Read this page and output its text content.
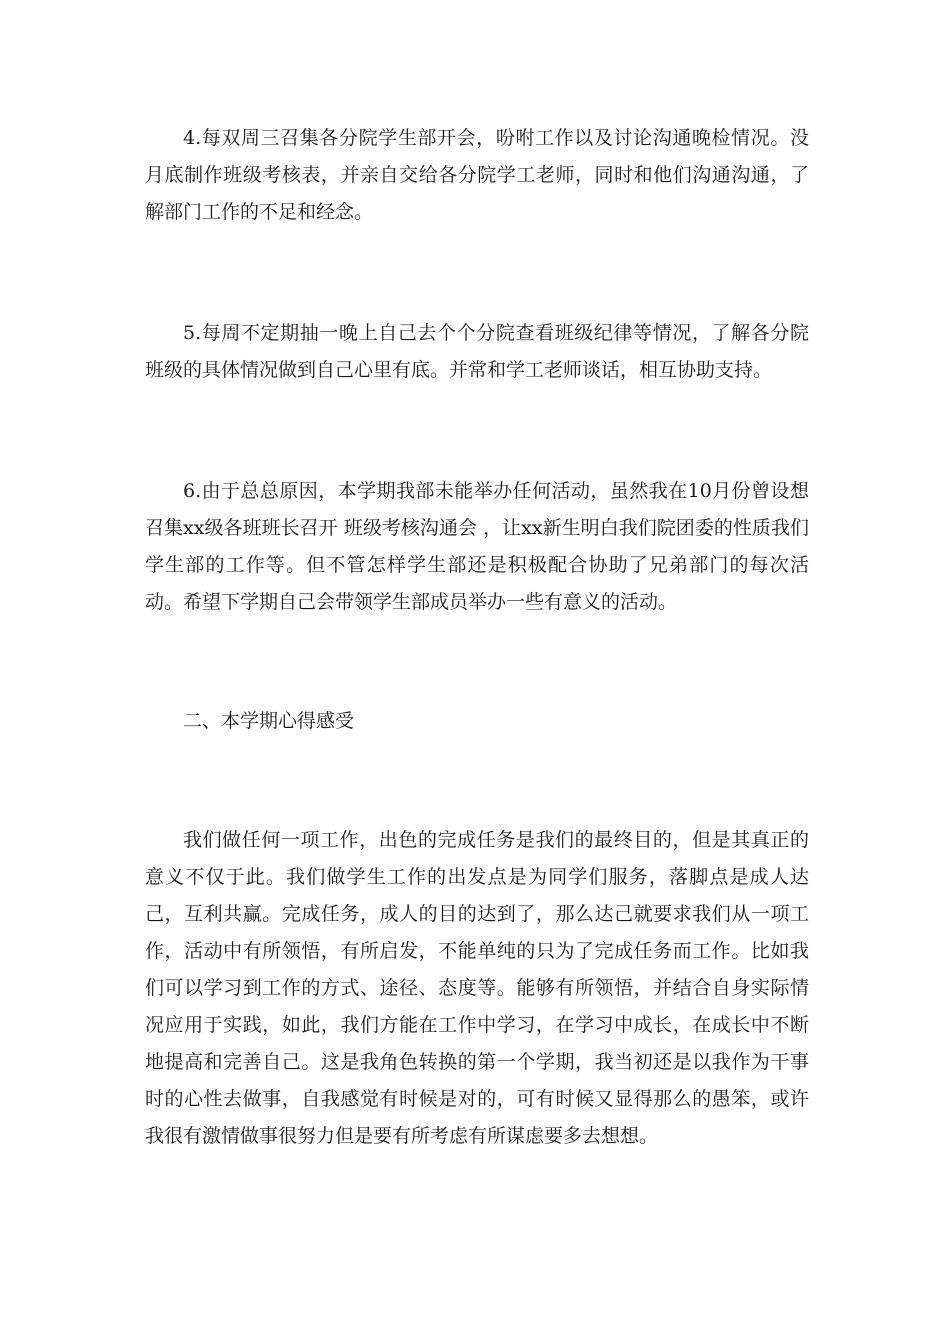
4.每双周三召集各分院学生部开会，吩咐工作以及讨论沟通晚检情况。没月底制作班级考核表，并亲自交给各分院学工老师，同时和他们沟通沟通，了解部门工作的不足和经念。

5.每周不定期抽一晚上自己去个个分院查看班级纪律等情况，了解各分院班级的具体情况做到自己心里有底。并常和学工老师谈话，相互协助支持。

6.由于总总原因，本学期我部未能举办任何活动，虽然我在10月份曾设想召集xx级各班班长召开 班级考核沟通会 ，让xx新生明白我们院团委的性质我们学生部的工作等。但不管怎样学生部还是积极配合协助了兄弟部门的每次活动。希望下学期自己会带领学生部成员举办一些有意义的活动。

二、本学期心得感受

我们做任何一项工作，出色的完成任务是我们的最终目的，但是其真正的意义不仅于此。我们做学生工作的出发点是为同学们服务，落脚点是成人达己，互利共赢。完成任务，成人的目的达到了，那么达己就要求我们从一项工作，活动中有所领悟，有所启发，不能单纯的只为了完成任务而工作。比如我们可以学习到工作的方式、途径、态度等。能够有所领悟，并结合自身实际情况应用于实践，如此，我们方能在工作中学习，在学习中成长，在成长中不断地提高和完善自己。这是我角色转换的第一个学期，我当初还是以我作为干事时的心性去做事，自我感觉有时候是对的，可有时候又显得那么的愚笨，或许我很有激情做事很努力但是要有所考虑有所谋虑要多去想想。
